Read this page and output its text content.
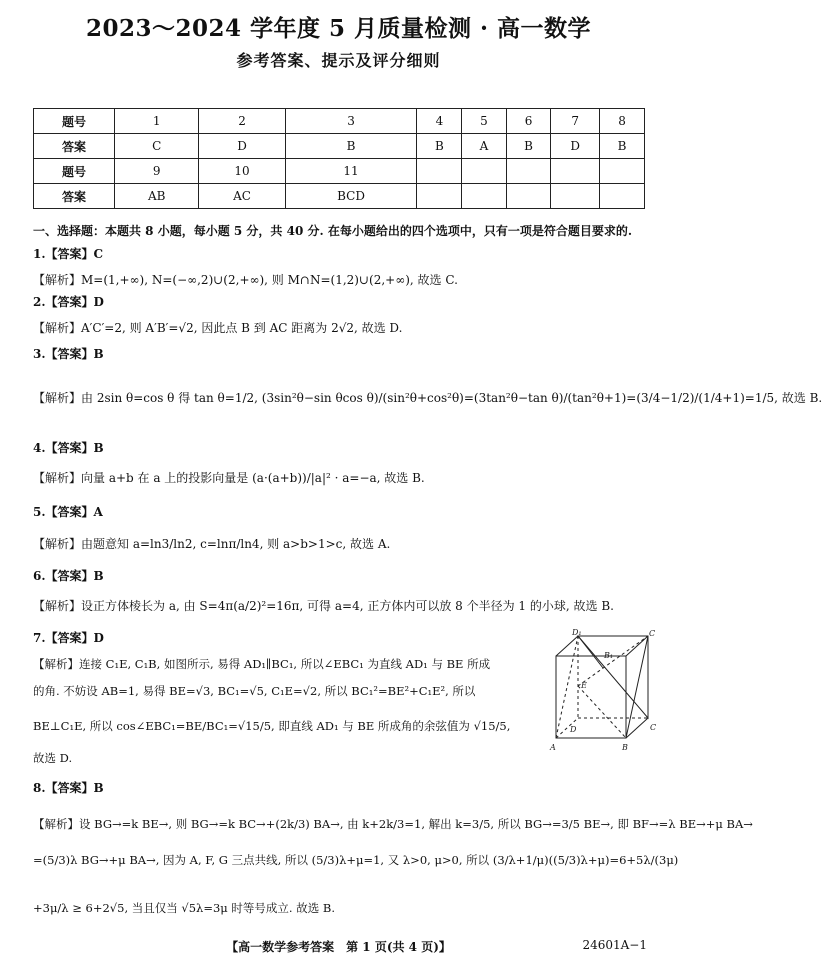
2023～2024 学年度 5 月质量检测 · 高一数学
参考答案、提示及评分细则
题号	1	2	3	4	5	6	7	8
答案	C	D	B	B	A	B	D	B
题号	9	10	11					
答案	AB	AC	BCD					
一、选择题：本题共 8 小题，每小题 5 分，共 40 分. 在每小题给出的四个选项中，只有一项是符合题目要求的.
1.【答案】C
【解析】M=(1,+∞), N=(−∞,2)∪(2,+∞), 则 M∩N=(1,2)∪(2,+∞), 故选 C.
2.【答案】D
【解析】A′C′=2, 则 A′B′=√2, 因此点 B 到 AC 距离为 2√2, 故选 D.
3.【答案】B
【解析】由 2sin θ=cos θ 得 tan θ=1/2, (3sin²θ−sin θcos θ)/(sin²θ+cos²θ)=(3tan²θ−tan θ)/(tan²θ+1)=(3/4−1/2)/(1/4+1)=1/5, 故选 B.
4.【答案】B
【解析】向量 a+b 在 a 上的投影向量是 (a·(a+b))/|a|² · a=−a, 故选 B.
5.【答案】A
【解析】由题意知 a=ln3/ln2, c=lnπ/ln4, 则 a>b>1>c, 故选 A.
6.【答案】B
【解析】设正方体棱长为 a, 由 S=4π(a/2)²=16π, 可得 a=4, 正方体内可以放 8 个半径为 1 的小球, 故选 B.
7.【答案】D
【解析】连接 C₁E, C₁B, 如图所示, 易得 AD₁∥BC₁, 所以∠EBC₁ 为直线 AD₁ 与 BE 所成
的角. 不妨设 AB=1, 易得 BE=√3, BC₁=√5, C₁E=√2, 所以 BC₁²=BE²+C₁E², 所以
BE⊥C₁E, 所以 cos∠EBC₁=BE/BC₁=√15/5, 即直线 AD₁ 与 BE 所成角的余弦值为 √15/5,
故选 D.
8.【答案】B
【解析】设 BG→=k BE→, 则 BG→=k BC→+(2k/3) BA→, 由 k+2k/3=1, 解出 k=3/5, 所以 BG→=3/5 BE→, 即 BF→=λ BE→+μ BA→
=(5/3)λ BG→+μ BA→, 因为 A, F, G 三点共线, 所以 (5/3)λ+μ=1, 又 λ>0, μ>0, 所以 (3/λ+1/μ)((5/3)λ+μ)=6+5λ/(3μ)
+3μ/λ ≥ 6+2√5, 当且仅当 √5λ=3μ 时等号成立. 故选 B.
D₁	C
B₁
E
D	C
A	B
【高一数学参考答案　第 1 页(共 4 页)】	24601A−1
